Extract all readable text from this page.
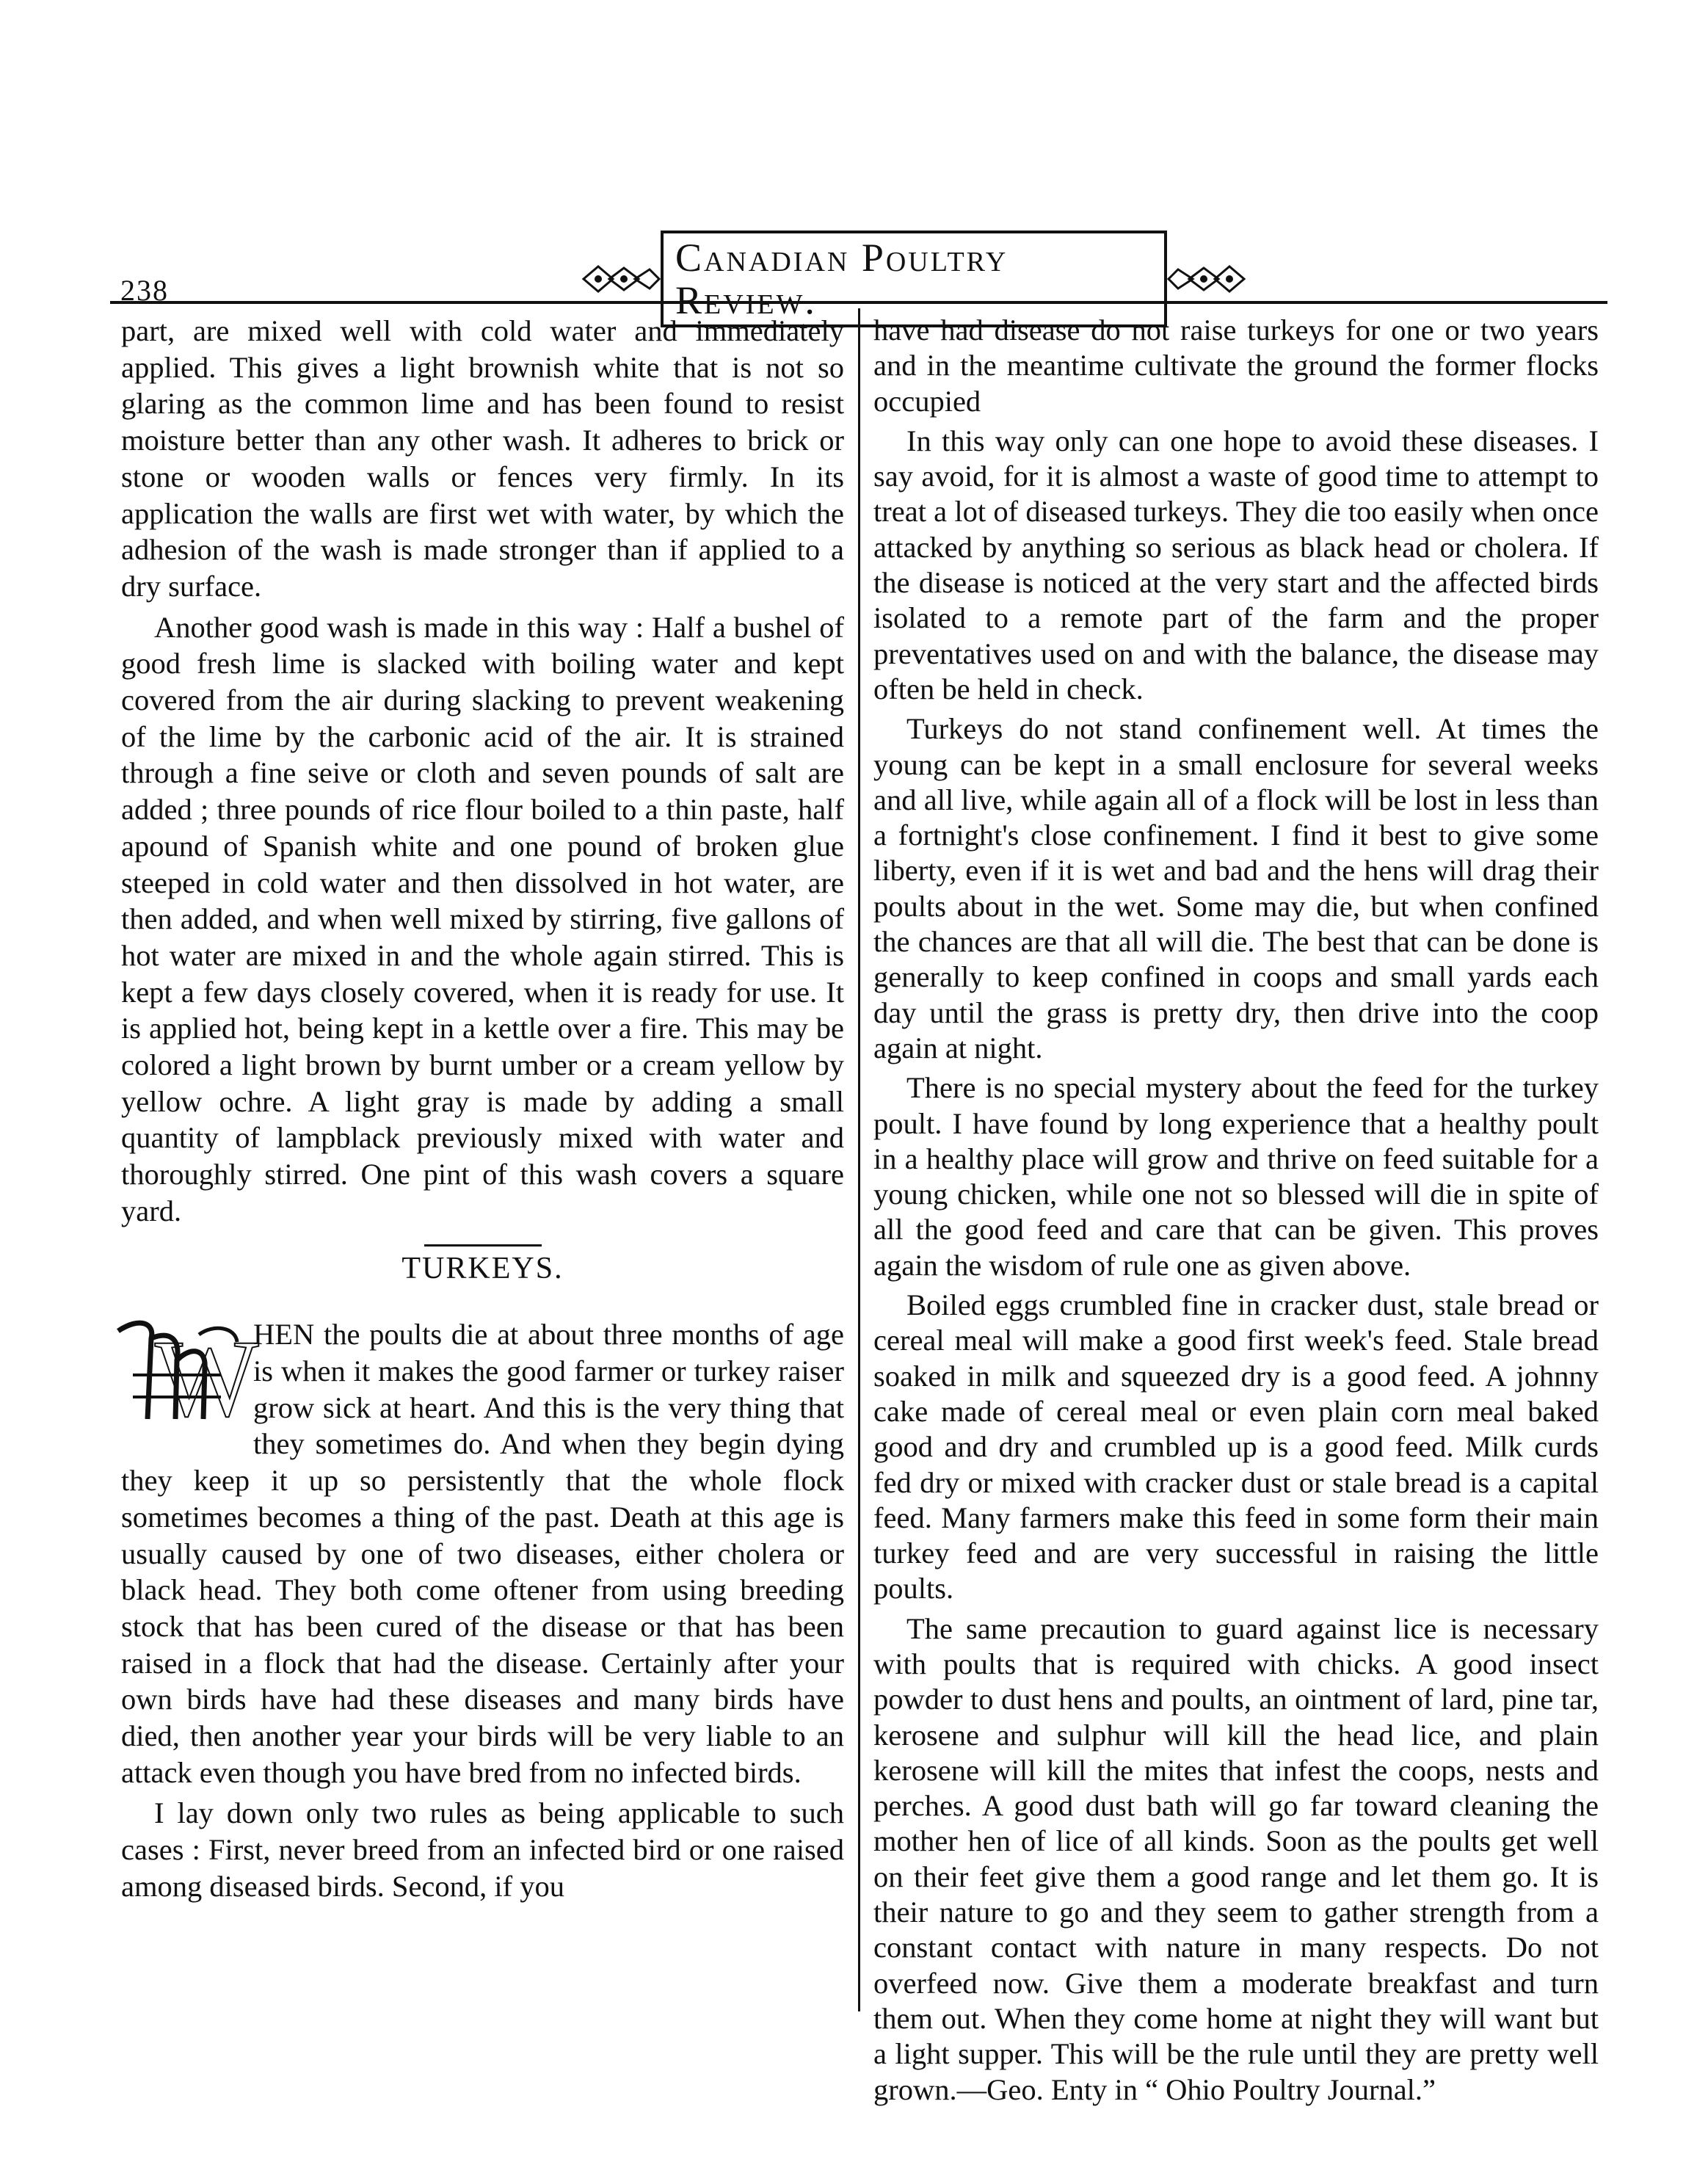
238
Canadian Poultry Review.

part, are mixed well with cold water and immediately applied. This gives a light brownish white that is not so glaring as the common lime and has been found to resist moisture better than any other wash. It adheres to brick or stone or wooden walls or fences very firmly. In its application the walls are first wet with water, by which the adhesion of the wash is made stronger than if applied to a dry surface.

Another good wash is made in this way : Half a bushel of good fresh lime is slacked with boiling water and kept covered from the air during slacking to prevent weakening of the lime by the carbonic acid of the air. It is strained through a fine seive or cloth and seven pounds of salt are added ; three pounds of rice flour boiled to a thin paste, half apound of Spanish white and one pound of broken glue steeped in cold water and then dissolved in hot water, are then added, and when well mixed by stirring, five gallons of hot water are mixed in and the whole again stirred. This is kept a few days closely covered, when it is ready for use. It is applied hot, being kept in a kettle over a fire. This may be colored a light brown by burnt umber or a cream yellow by yellow ochre. A light gray is made by adding a small quantity of lampblack previously mixed with water and thoroughly stirred. One pint of this wash covers a square yard.

TURKEYS.

W
HEN the poults die at about three months of age is when it makes the good farmer or turkey raiser grow sick at heart. And this is the very thing that they sometimes do. And when they begin dying they keep it up so persistently that the whole flock sometimes becomes a thing of the past. Death at this age is usually caused by one of two diseases, either cholera or black head. They both come oftener from using breeding stock that has been cured of the disease or that has been raised in a flock that had the disease. Certainly after your own birds have had these diseases and many birds have died, then another year your birds will be very liable to an attack even though you have bred from no infected birds.

I lay down only two rules as being applicable to such cases : First, never breed from an infected bird or one raised among diseased birds. Second, if you

have had disease do not raise turkeys for one or two years and in the meantime cultivate the ground the former flocks occupied

In this way only can one hope to avoid these diseases. I say avoid, for it is almost a waste of good time to attempt to treat a lot of diseased turkeys. They die too easily when once attacked by anything so serious as black head or cholera. If the disease is noticed at the very start and the affected birds isolated to a remote part of the farm and the proper preventatives used on and with the balance, the disease may often be held in check.

Turkeys do not stand confinement well. At times the young can be kept in a small enclosure for several weeks and all live, while again all of a flock will be lost in less than a fortnight's close confinement. I find it best to give some liberty, even if it is wet and bad and the hens will drag their poults about in the wet. Some may die, but when confined the chances are that all will die. The best that can be done is generally to keep confined in coops and small yards each day until the grass is pretty dry, then drive into the coop again at night.

There is no special mystery about the feed for the turkey poult. I have found by long experience that a healthy poult in a healthy place will grow and thrive on feed suitable for a young chicken, while one not so blessed will die in spite of all the good feed and care that can be given. This proves again the wisdom of rule one as given above.

Boiled eggs crumbled fine in cracker dust, stale bread or cereal meal will make a good first week's feed. Stale bread soaked in milk and squeezed dry is a good feed. A johnny cake made of cereal meal or even plain corn meal baked good and dry and crumbled up is a good feed. Milk curds fed dry or mixed with cracker dust or stale bread is a capital feed. Many farmers make this feed in some form their main turkey feed and are very successful in raising the little poults.

The same precaution to guard against lice is necessary with poults that is required with chicks. A good insect powder to dust hens and poults, an ointment of lard, pine tar, kerosene and sulphur will kill the head lice, and plain kerosene will kill the mites that infest the coops, nests and perches. A good dust bath will go far toward cleaning the mother hen of lice of all kinds. Soon as the poults get well on their feet give them a good range and let them go. It is their nature to go and they seem to gather strength from a constant contact with nature in many respects. Do not overfeed now. Give them a moderate breakfast and turn them out. When they come home at night they will want but a light supper. This will be the rule until they are pretty well grown.—Geo. Enty in “ Ohio Poultry Journal.”
